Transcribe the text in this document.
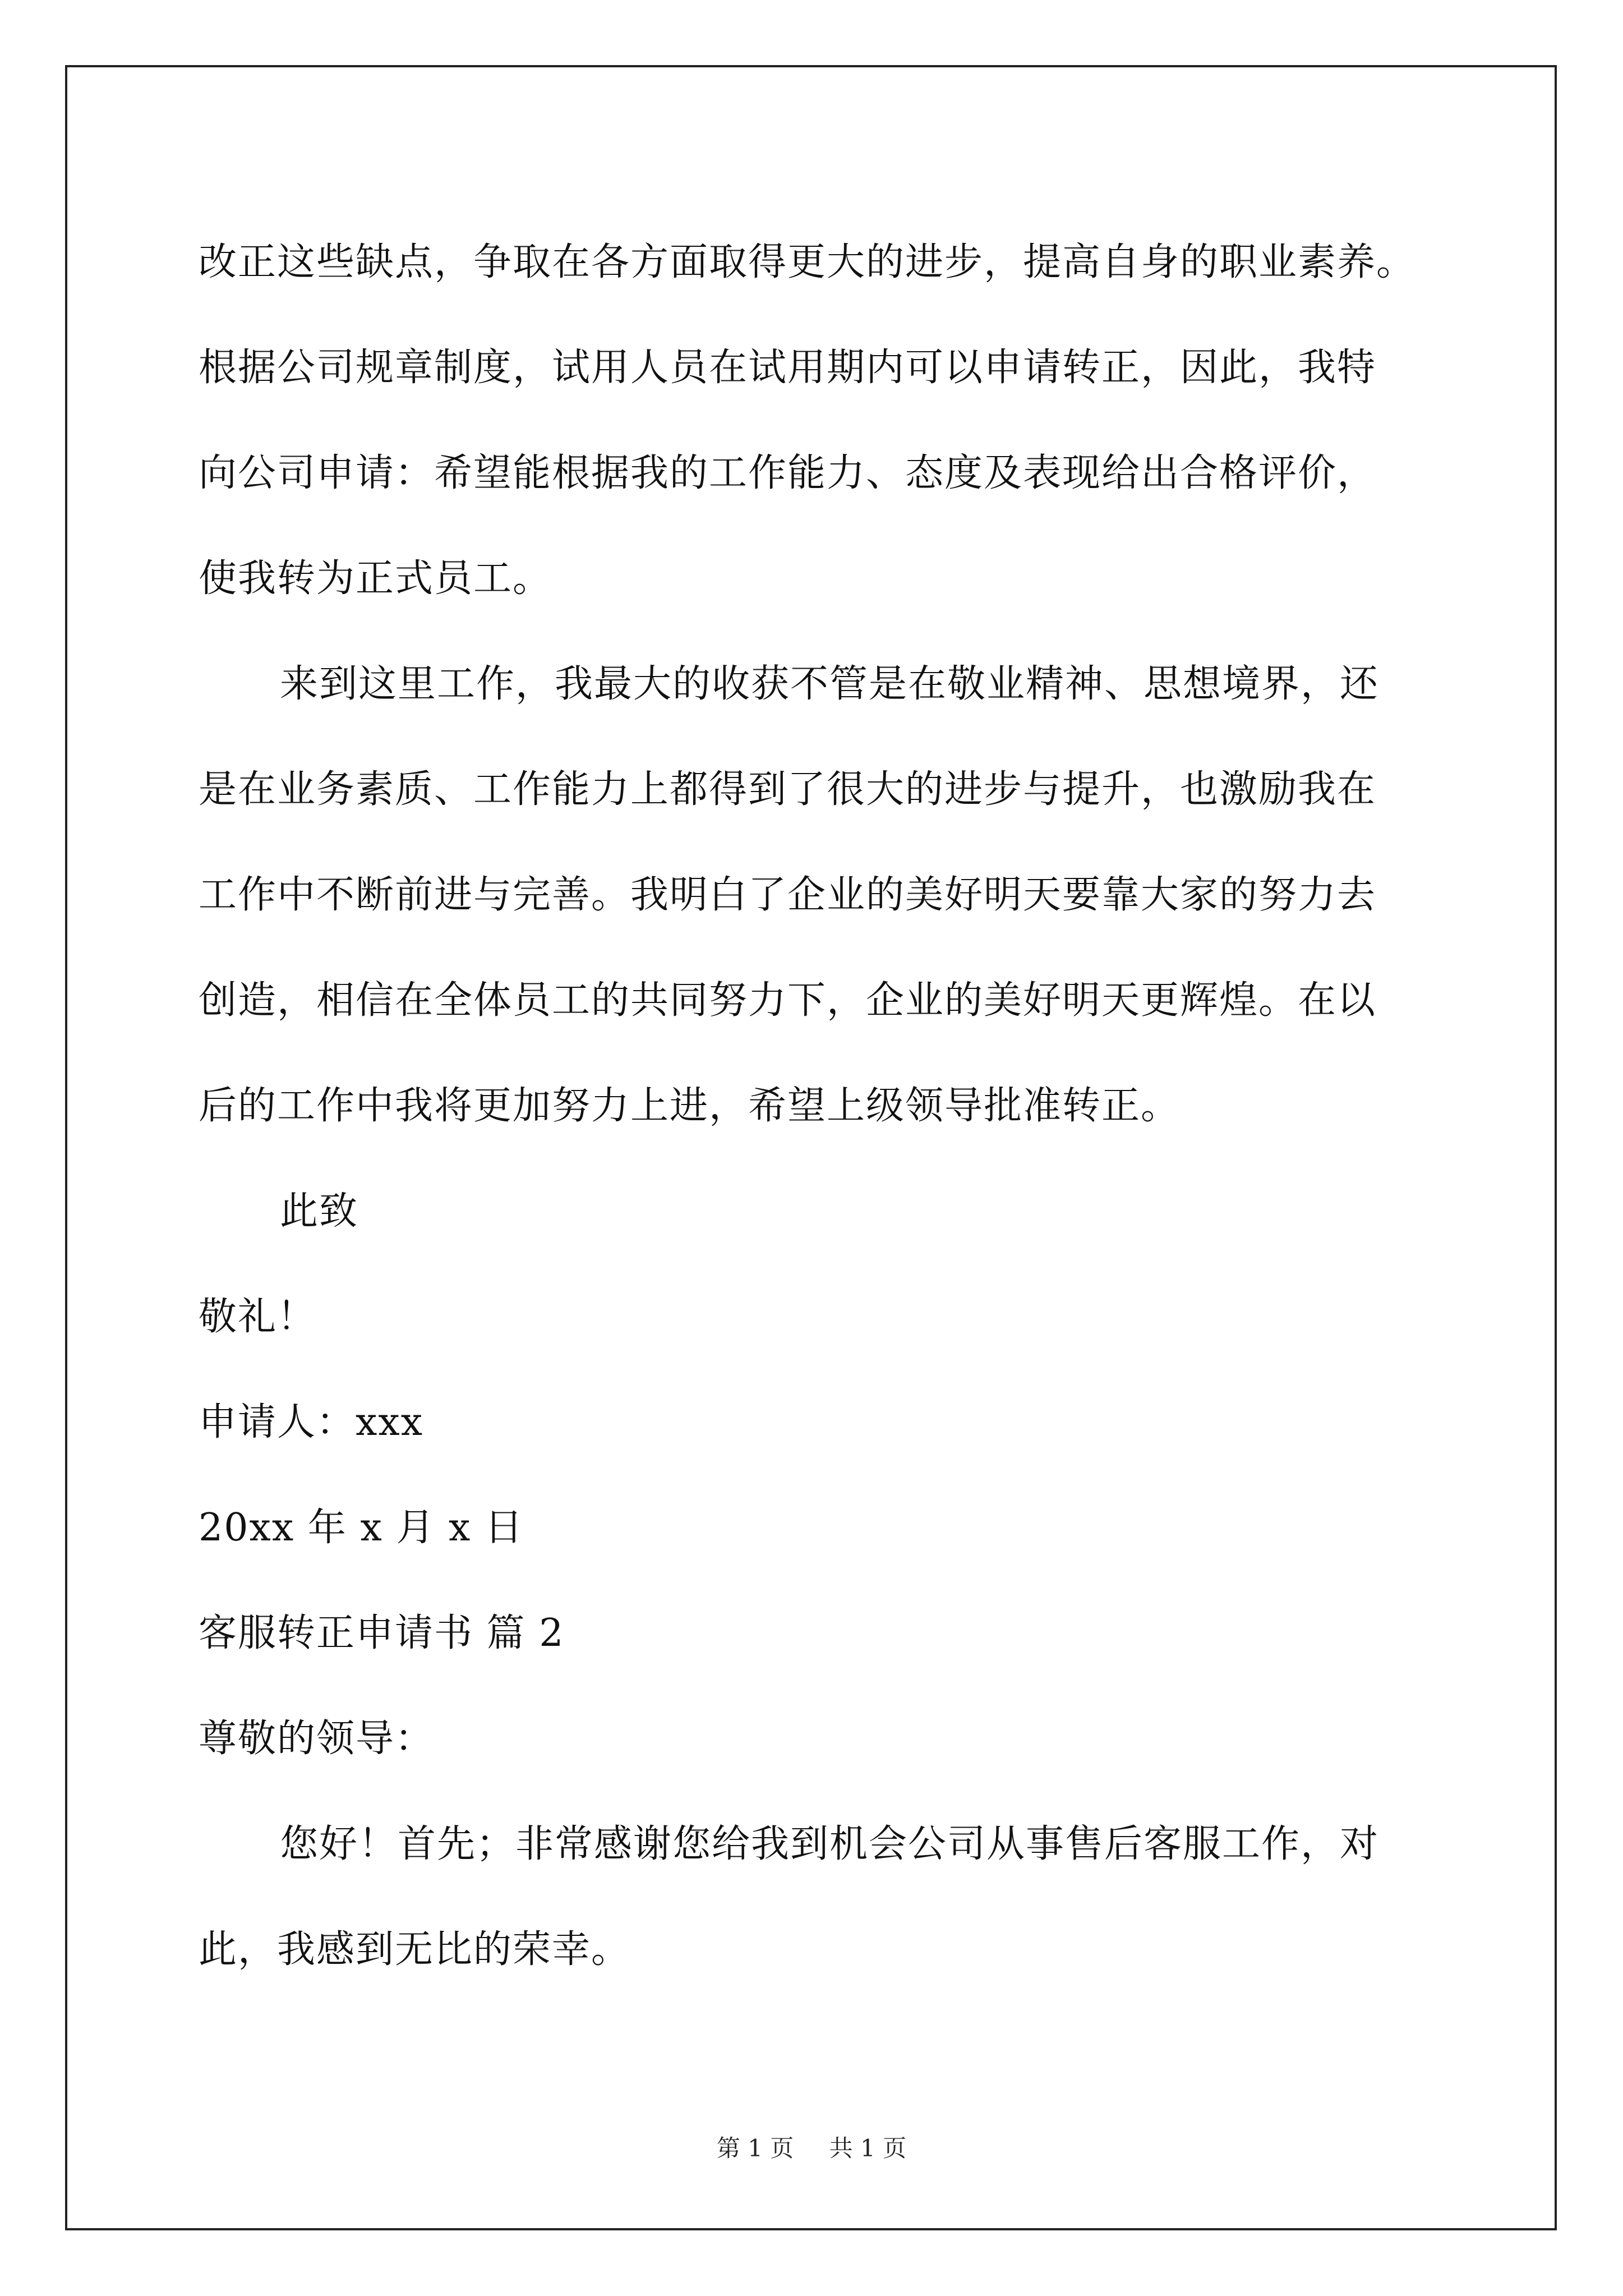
改正这些缺点，争取在各方面取得更大的进步，提高自身的职业素养。
根据公司规章制度，试用人员在试用期内可以申请转正，因此，我特
向公司申请：希望能根据我的工作能力、态度及表现给出合格评价，
使我转为正式员工。
来到这里工作，我最大的收获不管是在敬业精神、思想境界，还
是在业务素质、工作能力上都得到了很大的进步与提升，也激励我在
工作中不断前进与完善。我明白了企业的美好明天要靠大家的努力去
创造，相信在全体员工的共同努力下，企业的美好明天更辉煌。在以
后的工作中我将更加努力上进，希望上级领导批准转正。
此致
敬礼！
申请人：xxx
20xx 年 x 月 x 日
客服转正申请书 篇 2
尊敬的领导：
您好！首先；非常感谢您给我到机会公司从事售后客服工作，对
此，我感到无比的荣幸。
第 1 页 共 1 页
